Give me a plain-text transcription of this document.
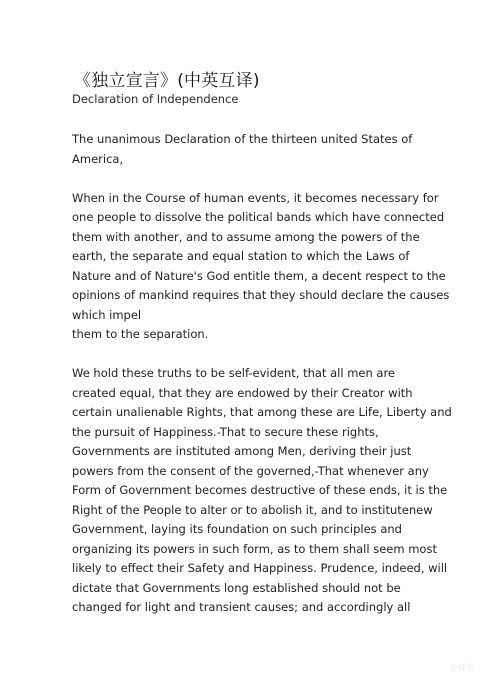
《独立宣言》(中英互译)
Declaration of Independence

The unanimous Declaration of the thirteen united States of
America,

When in the Course of human events, it becomes necessary for
one people to dissolve the political bands which have connected
them with another, and to assume among the powers of the
earth, the separate and equal station to which the Laws of
Nature and of Nature's God entitle them, a decent respect to the
opinions of mankind requires that they should declare the causes
which impel
them to the separation.

We hold these truths to be self-evident, that all men are
created equal, that they are endowed by their Creator with
certain unalienable Rights, that among these are Life, Liberty and
the pursuit of Happiness.-That to secure these rights,
Governments are instituted among Men, deriving their just
powers from the consent of the governed,-That whenever any
Form of Government becomes destructive of these ends, it is the
Right of the People to alter or to abolish it, and to institutenew
Government, laying its foundation on such principles and
organizing its powers in such form, as to them shall seem most
likely to effect their Safety and Happiness. Prudence, indeed, will
dictate that Governments long established should not be
changed for light and transient causes; and accordingly all

小红书
